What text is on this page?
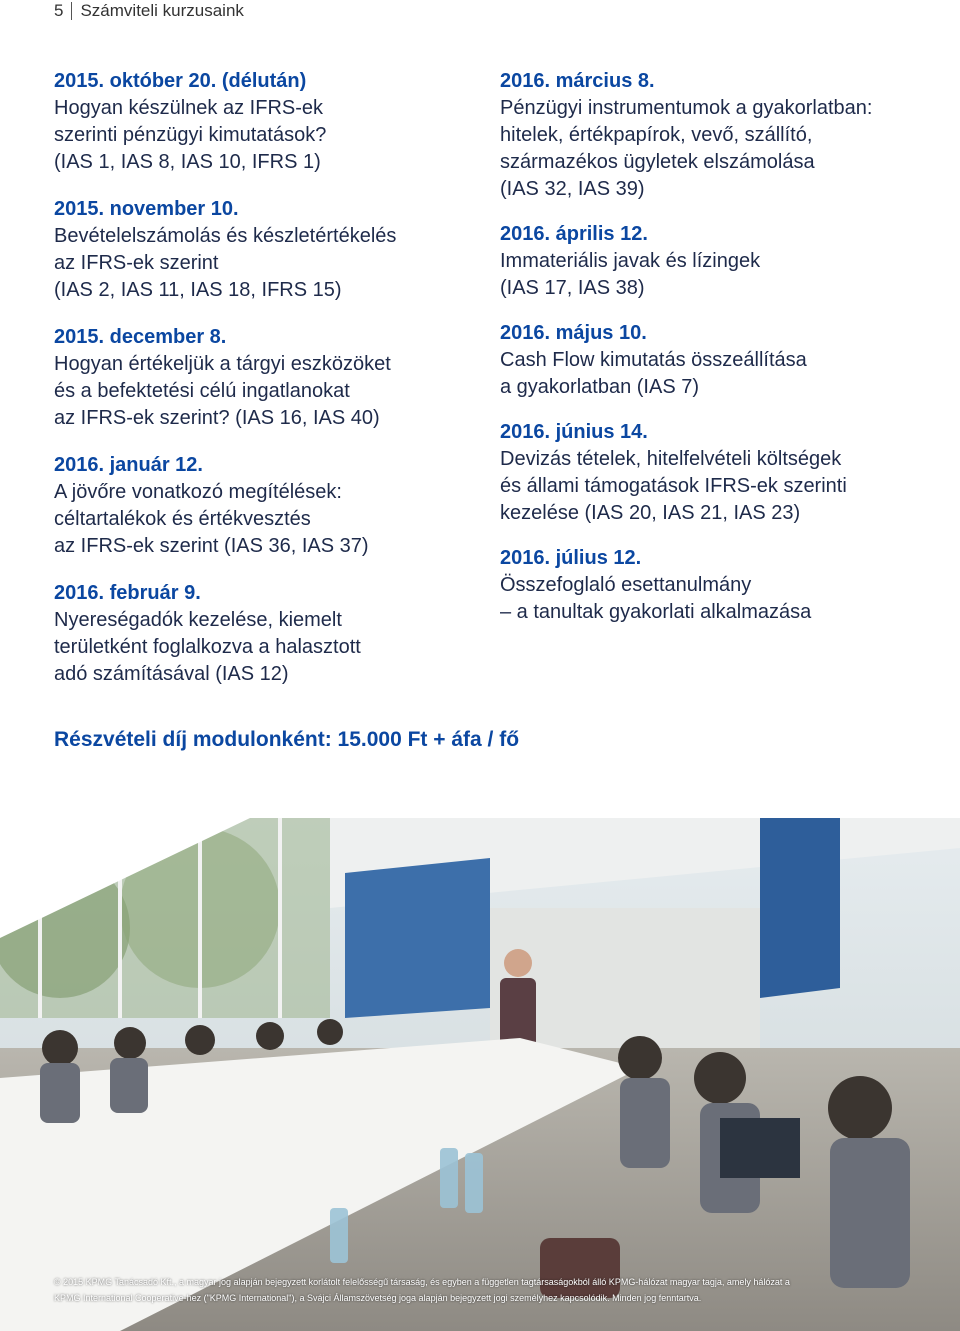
5 Számviteli kurzusaink
2015. október 20. (délután)
Hogyan készülnek az IFRS-ek
szerinti pénzügyi kimutatások?
(IAS 1, IAS 8, IAS 10, IFRS 1)
2015. november 10.
Bevételelszámolás és készletértékelés
az IFRS-ek szerint
(IAS 2, IAS 11, IAS 18, IFRS 15)
2015. december 8.
Hogyan értékeljük a tárgyi eszközöket
és a befektetési célú ingatlanokat
az IFRS-ek szerint? (IAS 16, IAS 40)
2016. január 12.
A jövőre vonatkozó megítélések:
céltartalékok és értékvesztés
az IFRS-ek szerint (IAS 36, IAS 37)
2016. február 9.
Nyereségadók kezelése, kiemelt
területként foglalkozva a halasztott
adó számításával (IAS 12)
2016. március 8.
Pénzügyi instrumentumok a gyakorlatban:
hitelek, értékpapírok, vevő, szállító,
származékos ügyletek elszámolása
(IAS 32, IAS 39)
2016. április 12.
Immateriális javak és lízingek
(IAS 17, IAS 38)
2016. május 10.
Cash Flow kimutatás összeállítása
a gyakorlatban (IAS 7)
2016. június 14.
Devizás tételek, hitelfelvételi költségek
és állami támogatások IFRS-ek szerinti
kezelése (IAS 20, IAS 21, IAS 23)
2016. július 12.
Összefoglaló esettanulmány
– a tanultak gyakorlati alkalmazása
Részvételi díj modulonként: 15.000 Ft + áfa / fő
© 2015 KPMG Tanácsadó Kft., a magyar jog alapján bejegyzett korlátolt felelősségű társaság, és egyben a független tagtársaságokból álló KPMG-hálózat magyar tagja, amely hálózat a
KPMG International Cooperative-hez ("KPMG International"), a Svájci Államszövetség joga alapján bejegyzett jogi személyhez kapcsolódik. Minden jog fenntartva.
